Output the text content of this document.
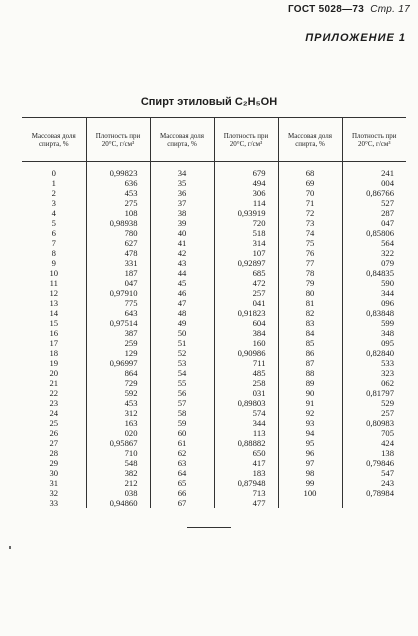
ГОСТ 5028—73 Стр. 17
ПРИЛОЖЕНИЕ 1
Спирт этиловый C₂H₅OH
Массовая доля спирта, %	Плотность при 20°С, г/см³	Массовая доля спирта, %	Плотность при 20°С, г/см³	Массовая доля спирта, %	Плотность при 20°С, г/см³
0	0,99823	34	679	68	241
1	636	35	494	69	004
2	453	36	306	70	0,86766
3	275	37	114	71	527
4	108	38	0,93919	72	287
5	0,98938	39	720	73	047
6	780	40	518	74	0,85806
7	627	41	314	75	564
8	478	42	107	76	322
9	331	43	0,92897	77	079
10	187	44	685	78	0,84835
11	047	45	472	79	590
12	0,97910	46	257	80	344
13	775	47	041	81	096
14	643	48	0,91823	82	0,83848
15	0,97514	49	604	83	599
16	387	50	384	84	348
17	259	51	160	85	095
18	129	52	0,90986	86	0,82840
19	0,96997	53	711	87	533
20	864	54	485	88	323
21	729	55	258	89	062
22	592	56	031	90	0,81797
23	453	57	0,89803	91	529
24	312	58	574	92	257
25	163	59	344	93	0,80983
26	020	60	113	94	705
27	0,95867	61	0,88882	95	424
28	710	62	650	96	138
29	548	63	417	97	0,79846
30	382	64	183	98	547
31	212	65	0,87948	99	243
32	038	66	713	100	0,78984
33	0,94860	67	477		
